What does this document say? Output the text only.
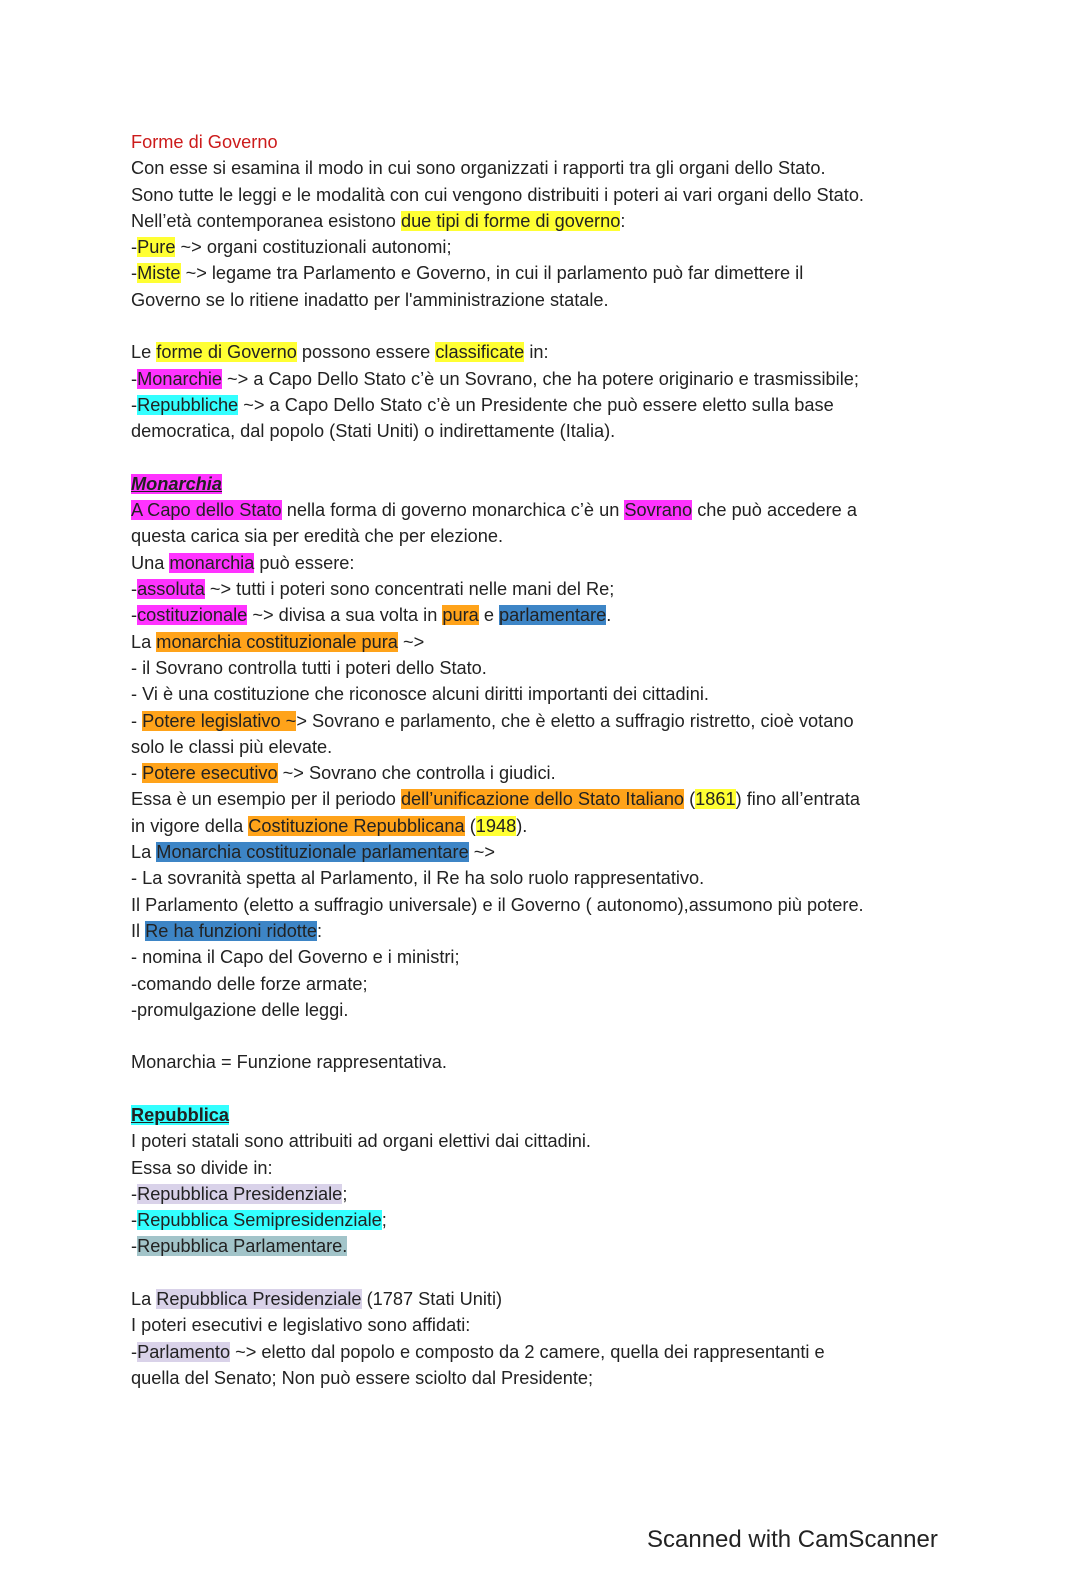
Forme di Governo
Con esse si esamina il modo in cui sono organizzati i rapporti tra gli organi dello Stato.
Sono tutte le leggi e le modalità con cui vengono distribuiti i poteri ai vari organi dello Stato.
Nell’età contemporanea esistono due tipi di forme di governo:
-Pure ~> organi costituzionali autonomi;
-Miste ~> legame tra Parlamento e Governo, in cui il parlamento può far dimettere il
Governo se lo ritiene inadatto per l'amministrazione statale.
Le forme di Governo possono essere classificate in:
-Monarchie ~> a Capo Dello Stato c’è un Sovrano, che ha potere originario e trasmissibile;
-Repubbliche ~> a Capo Dello Stato c’è un Presidente che può essere eletto sulla base
democratica, dal popolo (Stati Uniti) o indirettamente (Italia).
Monarchia
A Capo dello Stato nella forma di governo monarchica c’è un Sovrano che può accedere a
questa carica sia per eredità che per elezione.
Una monarchia può essere:
-assoluta ~> tutti i poteri sono concentrati nelle mani del Re;
-costituzionale ~> divisa a sua volta in pura e parlamentare.
La monarchia costituzionale pura ~>
- il Sovrano controlla tutti i poteri dello Stato.
- Vi è una costituzione che riconosce alcuni diritti importanti dei cittadini.
- Potere legislativo ~> Sovrano e parlamento, che è eletto a suffragio ristretto, cioè votano
solo le classi più elevate.
- Potere esecutivo ~> Sovrano che controlla i giudici.
Essa è un esempio per il periodo dell’unificazione dello Stato Italiano (1861) fino all’entrata
in vigore della Costituzione Repubblicana (1948).
La Monarchia costituzionale parlamentare ~>
- La sovranità spetta al Parlamento, il Re ha solo ruolo rappresentativo.
Il Parlamento (eletto a suffragio universale) e il Governo ( autonomo),assumono più potere.
Il Re ha funzioni ridotte:
- nomina il Capo del Governo e i ministri;
-comando delle forze armate;
-promulgazione delle leggi.
Monarchia = Funzione rappresentativa.
Repubblica
I poteri statali sono attribuiti ad organi elettivi dai cittadini.
Essa so divide in:
-Repubblica Presidenziale;
-Repubblica Semipresidenziale;
-Repubblica Parlamentare.
La Repubblica Presidenziale (1787 Stati Uniti)
I poteri esecutivi e legislativo sono affidati:
-Parlamento ~> eletto dal popolo e composto da 2 camere, quella dei rappresentanti e
quella del Senato; Non può essere sciolto dal Presidente;
Scanned with CamScanner
